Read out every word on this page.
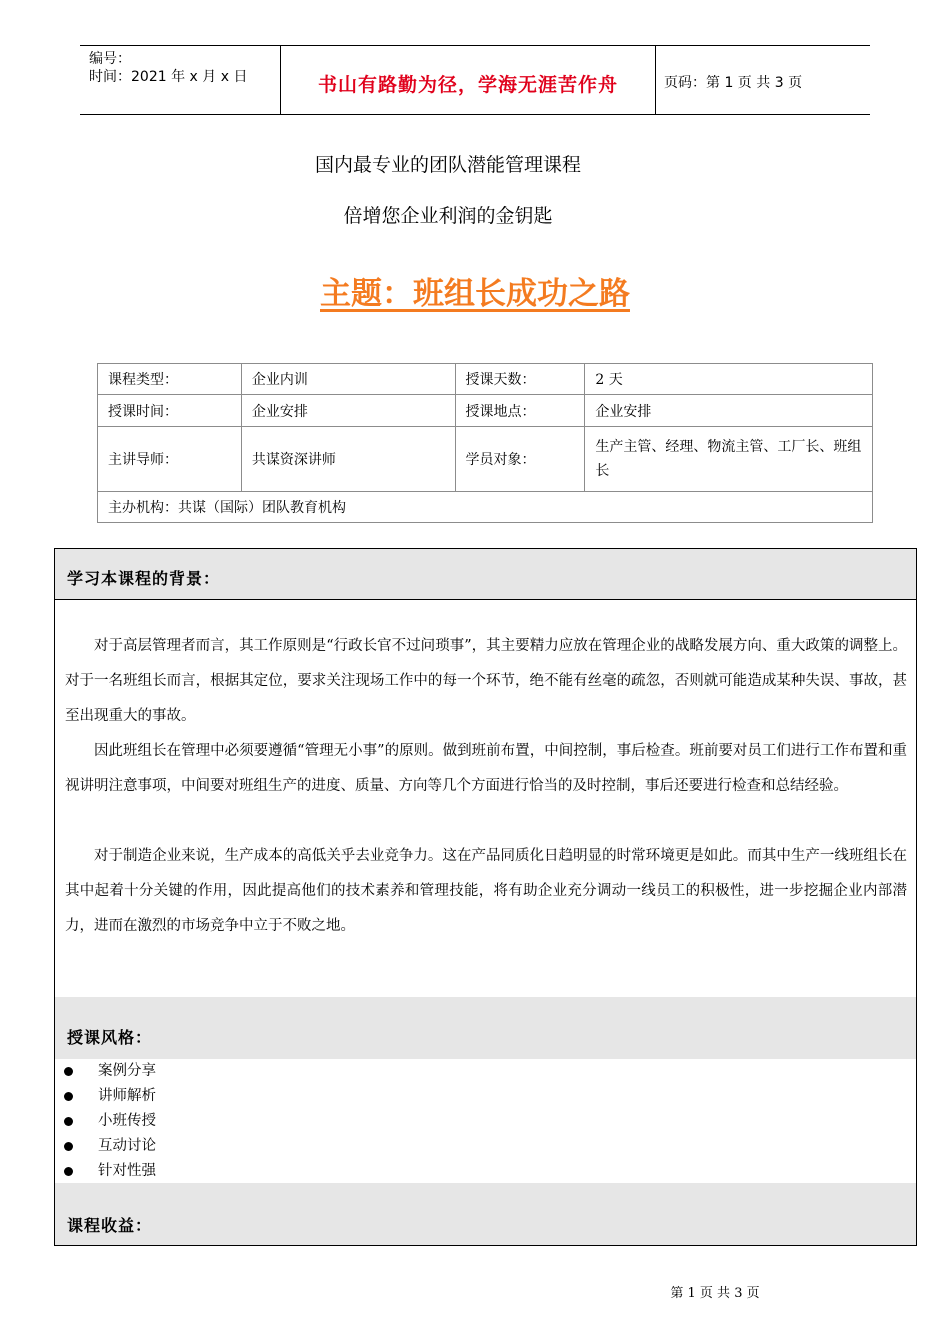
编号：
时间：2021 年 x 月 x 日	书山有路勤为径，学海无涯苦作舟	页码：第 1 页 共 3 页
国内最专业的团队潜能管理课程
倍增您企业利润的金钥匙
主题：班组长成功之路
课程类型：	企业内训	授课天数：	2 天
授课时间：	企业安排	授课地点：	企业安排
主讲导师：	共谋资深讲师	学员对象：	生产主管、经理、物流主管、工厂长、班组长
主办机构：共谋（国际）团队教育机构			
学习本课程的背景：

对于高层管理者而言，其工作原则是“行政长官不过问琐事”，其主要精力应放在管理企业的战略发展方向、重大政策的调整上。对于一名班组长而言，根据其定位，要求关注现场工作中的每一个环节，绝不能有丝毫的疏忽，否则就可能造成某种失误、事故，甚至出现重大的事故。

因此班组长在管理中必须要遵循“管理无小事”的原则。做到班前布置，中间控制，事后检查。班前要对员工们进行工作布置和重视讲明注意事项，中间要对班组生产的进度、质量、方向等几个方面进行恰当的及时控制，事后还要进行检查和总结经验。

对于制造企业来说，生产成本的高低关乎去业竞争力。这在产品同质化日趋明显的时常环境更是如此。而其中生产一线班组长在其中起着十分关键的作用，因此提高他们的技术素养和管理技能，将有助企业充分调动一线员工的积极性，进一步挖掘企业内部潜力，进而在激烈的市场竞争中立于不败之地。

授课风格：
案例分享
讲师解析
小班传授
互动讨论
针对性强
课程收益：
第 1 页 共 3 页
